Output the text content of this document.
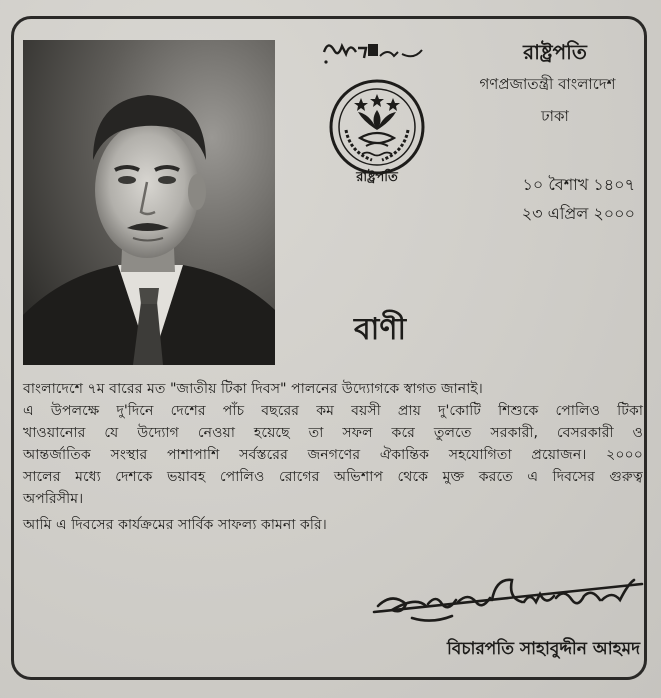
রাষ্ট্রপতি
রাষ্ট্রপতি
গণপ্রজাতন্ত্রী বাংলাদেশ
ঢাকা
১০ বৈশাখ ১৪০৭
২৩ এপ্রিল ২০০০
বাণী

বাংলাদেশে ৭ম বারের মত "জাতীয় টিকা দিবস" পালনের উদ্যোগকে স্বাগত জানাই।

এ উপলক্ষে দু'দিনে দেশের পাঁচ বছরের কম বয়সী প্রায় দু'কোটি শিশুকে পোলিও টিকা

খাওয়ানোর যে উদ্যোগ নেওয়া হয়েছে তা সফল করে তুলতে সরকারী, বেসরকারী ও

আন্তর্জাতিক সংস্থার পাশাপাশি সর্বস্তরের জনগণের ঐকান্তিক সহযোগিতা প্রয়োজন। ২০০০

সালের মধ্যে দেশকে ভয়াবহ পোলিও রোগের অভিশাপ থেকে মুক্ত করতে এ দিবসের গুরুত্ব

অপরিসীম।

আমি এ দিবসের কার্যক্রমের সার্বিক সাফল্য কামনা করি।

বিচারপতি সাহাবুদ্দীন আহমদ
